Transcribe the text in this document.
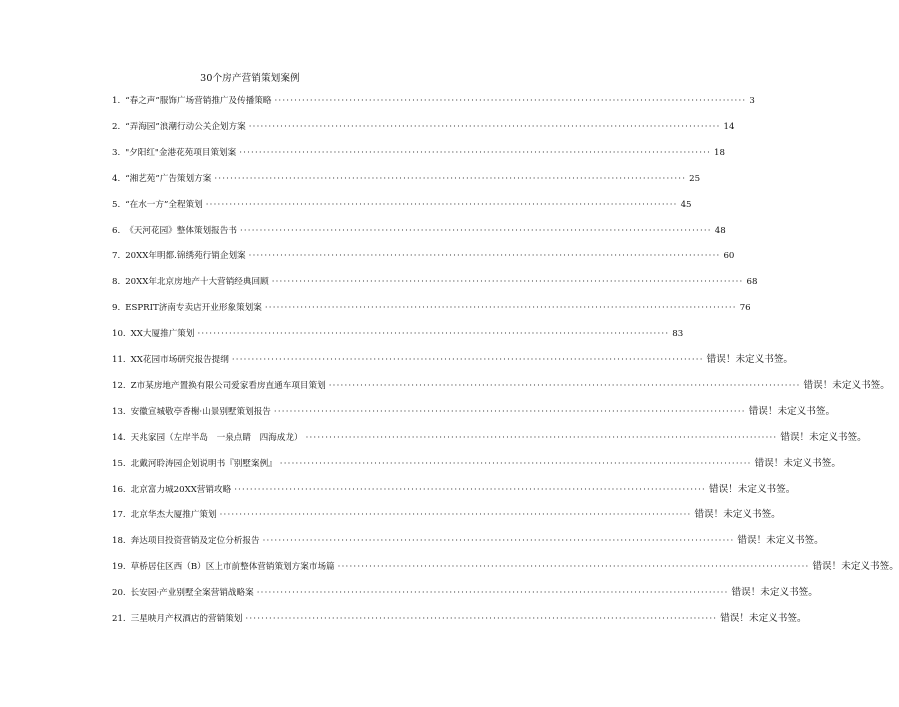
30个房产营销策划案例
1. “春之声”服饰广场营销推广及传播策略 ························································································································ 3
2. “弄海园”浪潮行动公关企划方案 ························································································································ 14
3. "夕阳红"金港花苑项目策划案 ························································································································ 18
4. “湘艺苑”广告策划方案 ························································································································ 25
5. “在水一方”全程策划 ························································································································ 45
6. 《天河花园》整体策划报告书 ························································································································ 48
7. 20XX年明都.锦绣苑行销企划案 ························································································································ 60
8. 20XX年北京房地产十大营销经典回顾 ························································································································ 68
9. ESPRIT济南专卖店开业形象策划案 ························································································································ 76
10. XX大厦推广策划 ························································································································ 83
11. XX花园市场研究报告提纲 ························································································································ 错误！未定义书签。
12. Z市某房地产置换有限公司爱家看房直通车项目策划 ························································································································ 错误！未定义书签。
13. 安徽宣城敬亭香榭·山景别墅策划报告 ························································································································ 错误！未定义书签。
14. 天兆家园（左岸半岛　一泉点睛　四海成龙） ························································································································ 错误！未定义书签。
15. 北戴河聆涛园企划说明书『别墅案例』 ························································································································ 错误！未定义书签。
16. 北京富力城20XX营销攻略 ························································································································ 错误！未定义书签。
17. 北京华杰大厦推广策划 ························································································································ 错误！未定义书签。
18. 奔达项目投资营销及定位分析报告 ························································································································ 错误！未定义书签。
19. 草桥居住区西（B）区上市前整体营销策划方案市场篇 ························································································································ 错误！未定义书签。
20. 长安园·产业别墅全案营销战略案 ························································································································ 错误！未定义书签。
21. 三星映月产权酒店的营销策划 ························································································································ 错误！未定义书签。
